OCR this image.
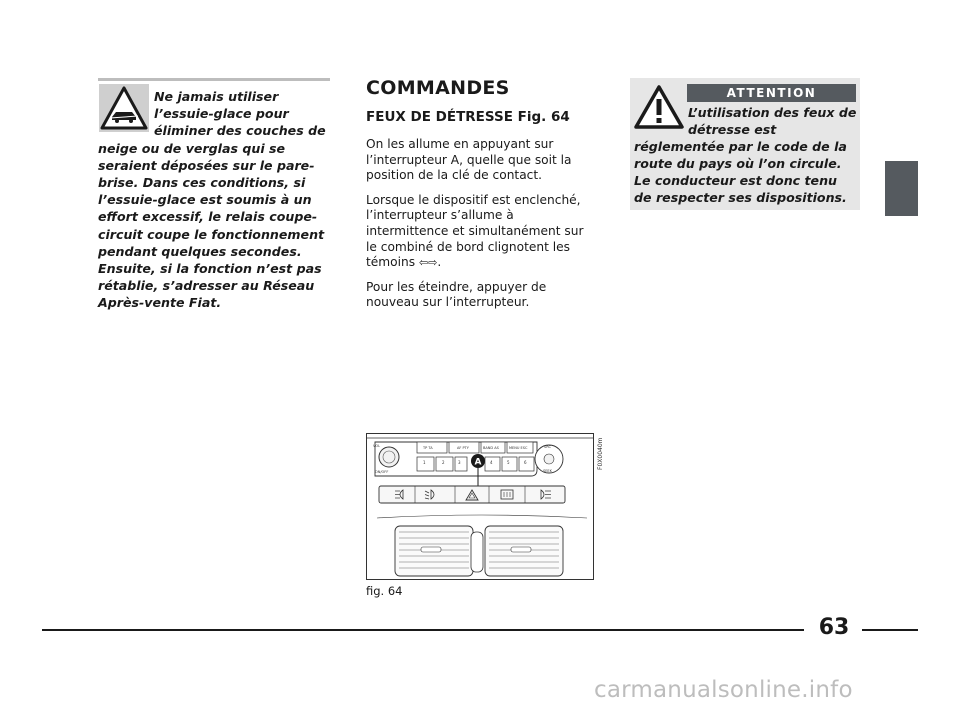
Ne jamais utiliser l’essuie-glace pour éliminer des couches de neige ou de verglas qui se seraient déposées sur le pare-brise. Dans ces conditions, si l’essuie-glace est soumis à un effort excessif, le relais coupe-circuit coupe le fonctionnement pendant quelques secondes. Ensuite, si la fonction n’est pas rétablie, s’adresser au Réseau Après-vente Fiat.
COMMANDES
FEUX DE DÉTRESSE Fig. 64

On les allume en appuyant sur l’interrupteur A, quelle que soit la position de la clé de contact.

Lorsque le dispositif est enclenché, l’interrupteur s’allume à intermittence et simultanément sur le combiné de bord clignotent les témoins ⇦⇨.

Pour les éteindre, appuyer de nouveau sur l’interrupteur.

VOL
ON/OFF
TP TA	AF PTY	BAND AS	MENU ESC
1	2	3	4	5	6
SRC
SEEK
A	F0X0040m
fig. 64
ATTENTION
L’utilisation des feux de détresse est réglementée par le code de la route du pays où l’on circule. Le conducteur est donc tenu de respecter ses dispositions.
63
carmanualsonline.info
